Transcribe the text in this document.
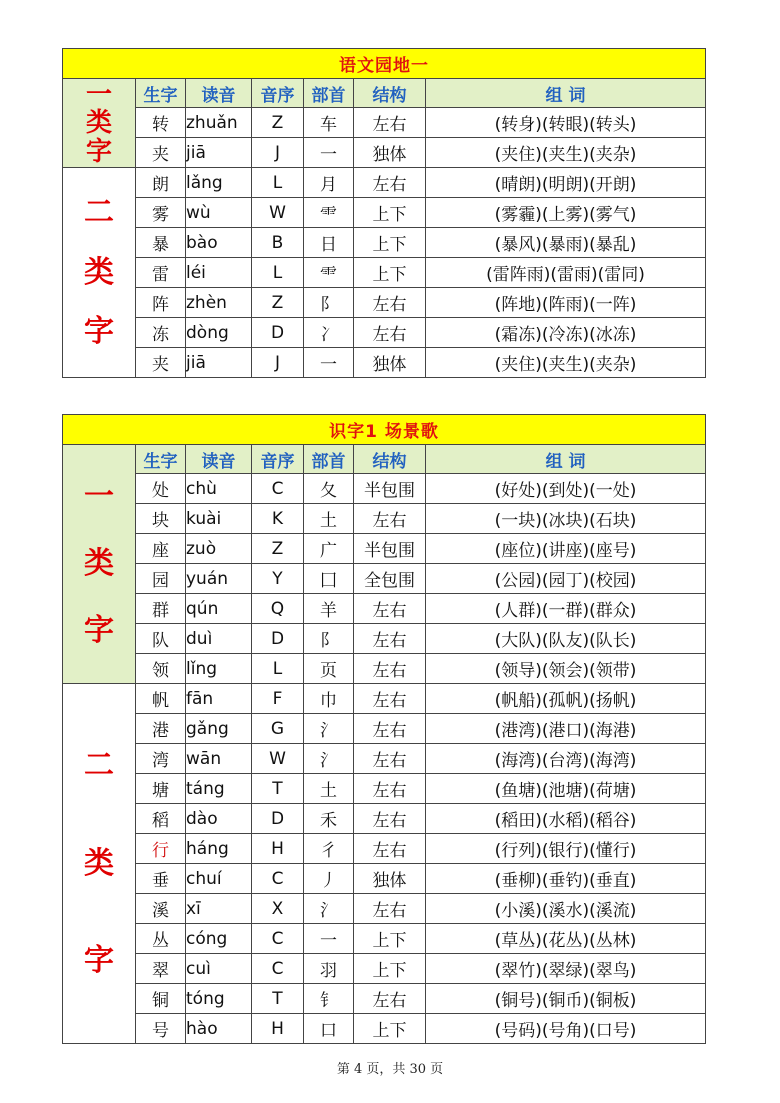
语文园地一						

一
类
字	生字	读音	音序	部首	结构	组 词
	转	zhuǎn	Z	车	左右	(转身)(转眼)(转头)
	夹	jiā	J	一	独体	(夹住)(夹生)(夹杂)

二
类
字	朗	lǎng	L	月	左右	(晴朗)(明朗)(开朗)
	雾	wù	W	⻗	上下	(雾霾)(上雾)(雾气)
	暴	bào	B	日	上下	(暴风)(暴雨)(暴乱)
	雷	léi	L	⻗	上下	(雷阵雨)(雷雨)(雷同)
	阵	zhèn	Z	阝	左右	(阵地)(阵雨)(一阵)
	冻	dòng	D	冫	左右	(霜冻)(冷冻)(冰冻)
	夹	jiā	J	一	独体	(夹住)(夹生)(夹杂)
识字1 场景歌						

一
类
字	生字	读音	音序	部首	结构	组 词
	处	chù	C	夂	半包围	(好处)(到处)(一处)
	块	kuài	K	土	左右	(一块)(冰块)(石块)
	座	zuò	Z	广	半包围	(座位)(讲座)(座号)
	园	yuán	Y	囗	全包围	(公园)(园丁)(校园)
	群	qún	Q	羊	左右	(人群)(一群)(群众)
	队	duì	D	阝	左右	(大队)(队友)(队长)
	领	lǐng	L	页	左右	(领导)(领会)(领带)

二
类
字	帆	fān	F	巾	左右	(帆船)(孤帆)(扬帆)
	港	gǎng	G	氵	左右	(港湾)(港口)(海港)
	湾	wān	W	氵	左右	(海湾)(台湾)(海湾)
	塘	táng	T	土	左右	(鱼塘)(池塘)(荷塘)
	稻	dào	D	禾	左右	(稻田)(水稻)(稻谷)
	行	háng	H	彳	左右	(行列)(银行)(懂行)
	垂	chuí	C	丿	独体	(垂柳)(垂钓)(垂直)
	溪	xī	X	氵	左右	(小溪)(溪水)(溪流)
	丛	cóng	C	一	上下	(草丛)(花丛)(丛林)
	翠	cuì	C	羽	上下	(翠竹)(翠绿)(翠鸟)
	铜	tóng	T	钅	左右	(铜号)(铜币)(铜板)
	号	hào	H	口	上下	(号码)(号角)(口号)
第 4 页，共 30 页
